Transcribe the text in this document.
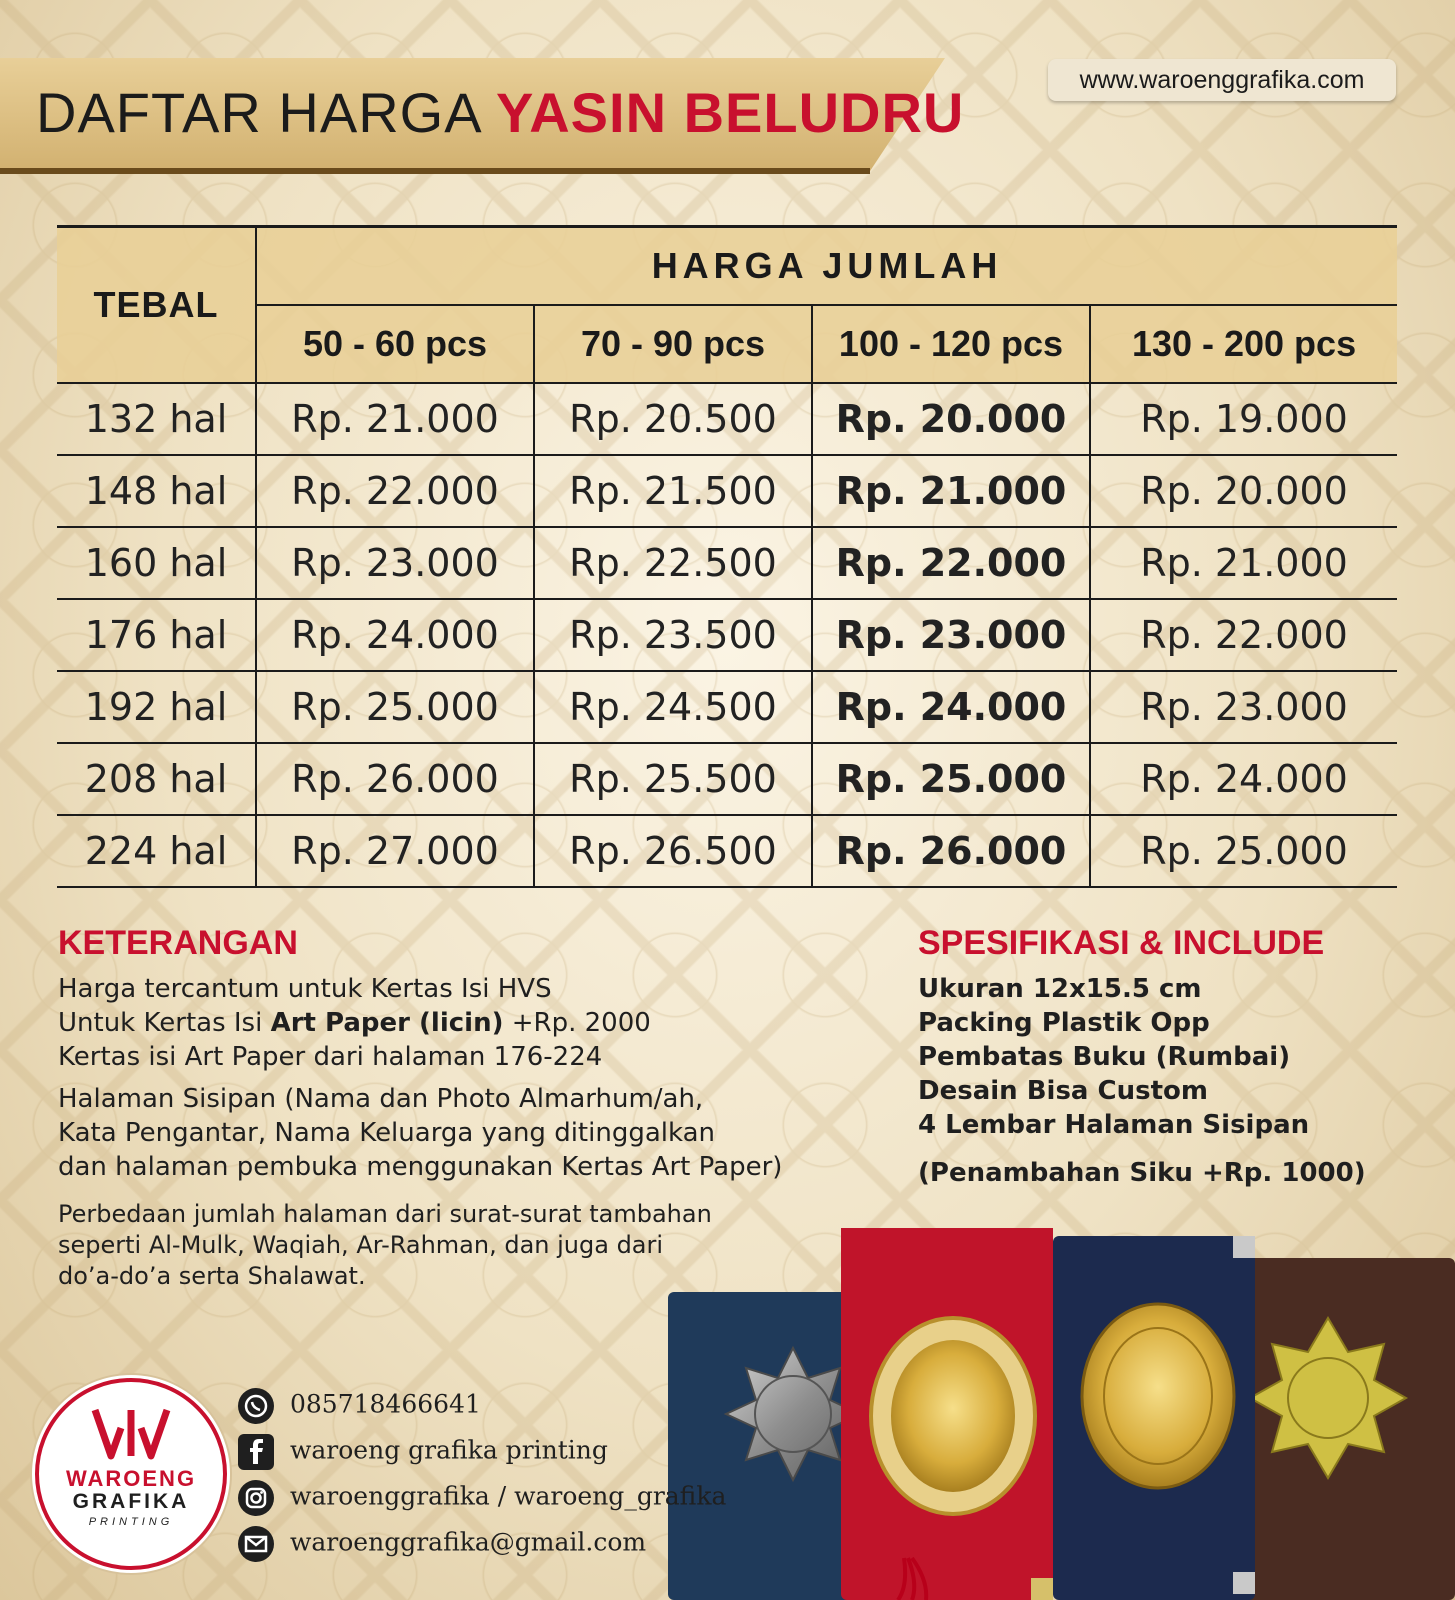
DAFTAR HARGA YASIN BELUDRU
www.waroenggrafika.com
TEBAL	HARGA JUMLAH			
	50 - 60 pcs	70 - 90 pcs	100 - 120 pcs	130 - 200 pcs
132 hal	Rp. 21.000	Rp. 20.500	Rp. 20.000	Rp. 19.000
148 hal	Rp. 22.000	Rp. 21.500	Rp. 21.000	Rp. 20.000
160 hal	Rp. 23.000	Rp. 22.500	Rp. 22.000	Rp. 21.000
176 hal	Rp. 24.000	Rp. 23.500	Rp. 23.000	Rp. 22.000
192 hal	Rp. 25.000	Rp. 24.500	Rp. 24.000	Rp. 23.000
208 hal	Rp. 26.000	Rp. 25.500	Rp. 25.000	Rp. 24.000
224 hal	Rp. 27.000	Rp. 26.500	Rp. 26.000	Rp. 25.000
KETERANGAN
Harga tercantum untuk Kertas Isi HVS
Untuk Kertas Isi Art Paper (licin) +Rp. 2000
Kertas isi Art Paper dari halaman 176-224
Halaman Sisipan (Nama dan Photo Almarhum/ah,
Kata Pengantar, Nama Keluarga yang ditinggalkan
dan halaman pembuka menggunakan Kertas Art Paper)
Perbedaan jumlah halaman dari surat-surat tambahan
seperti Al-Mulk, Waqiah, Ar-Rahman, dan juga dari
do’a-do’a serta Shalawat.
SPESIFIKASI & INCLUDE
Ukuran 12x15.5 cm
Packing Plastik Opp
Pembatas Buku (Rumbai)
Desain Bisa Custom
4 Lembar Halaman Sisipan
(Penambahan Siku +Rp. 1000)
WAROENG
GRAFIKA
PRINTING
085718466641
waroeng grafika printing
waroenggrafika / waroeng_grafika
waroenggrafika@gmail.com
